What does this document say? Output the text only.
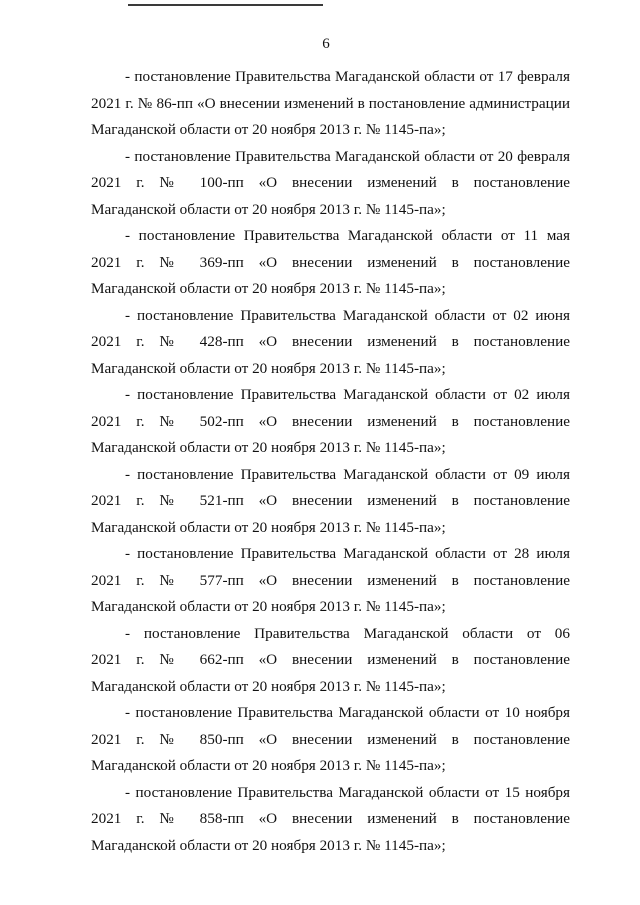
6
- постановление Правительства Магаданской области от 17 февраля
2021 г. № 86-пп «О внесении изменений в постановление администрации
Магаданской области от 20 ноября 2013 г. № 1145-па»;
- постановление Правительства Магаданской области от 20 февраля
2021 г. № 100-пп «О внесении изменений в постановление
Магаданской области от 20 ноября 2013 г. № 1145-па»;
- постановление Правительства Магаданской области от 11 мая
2021 г. № 369-пп «О внесении изменений в постановление
Магаданской области от 20 ноября 2013 г. № 1145-па»;
- постановление Правительства Магаданской области от 02 июня
2021 г. № 428-пп «О внесении изменений в постановление
Магаданской области от 20 ноября 2013 г. № 1145-па»;
- постановление Правительства Магаданской области от 02 июля
2021 г. № 502-пп «О внесении изменений в постановление
Магаданской области от 20 ноября 2013 г. № 1145-па»;
- постановление Правительства Магаданской области от 09 июля
2021 г. № 521-пп «О внесении изменений в постановление
Магаданской области от 20 ноября 2013 г. № 1145-па»;
- постановление Правительства Магаданской области от 28 июля
2021 г. № 577-пп «О внесении изменений в постановление
Магаданской области от 20 ноября 2013 г. № 1145-па»;
- постановление Правительства Магаданской области от 06
2021 г. № 662-пп «О внесении изменений в постановление
Магаданской области от 20 ноября 2013 г. № 1145-па»;
- постановление Правительства Магаданской области от 10 ноября
2021 г. № 850-пп «О внесении изменений в постановление
Магаданской области от 20 ноября 2013 г. № 1145-па»;
- постановление Правительства Магаданской области от 15 ноября
2021 г. № 858-пп «О внесении изменений в постановление
Магаданской области от 20 ноября 2013 г. № 1145-па»;
